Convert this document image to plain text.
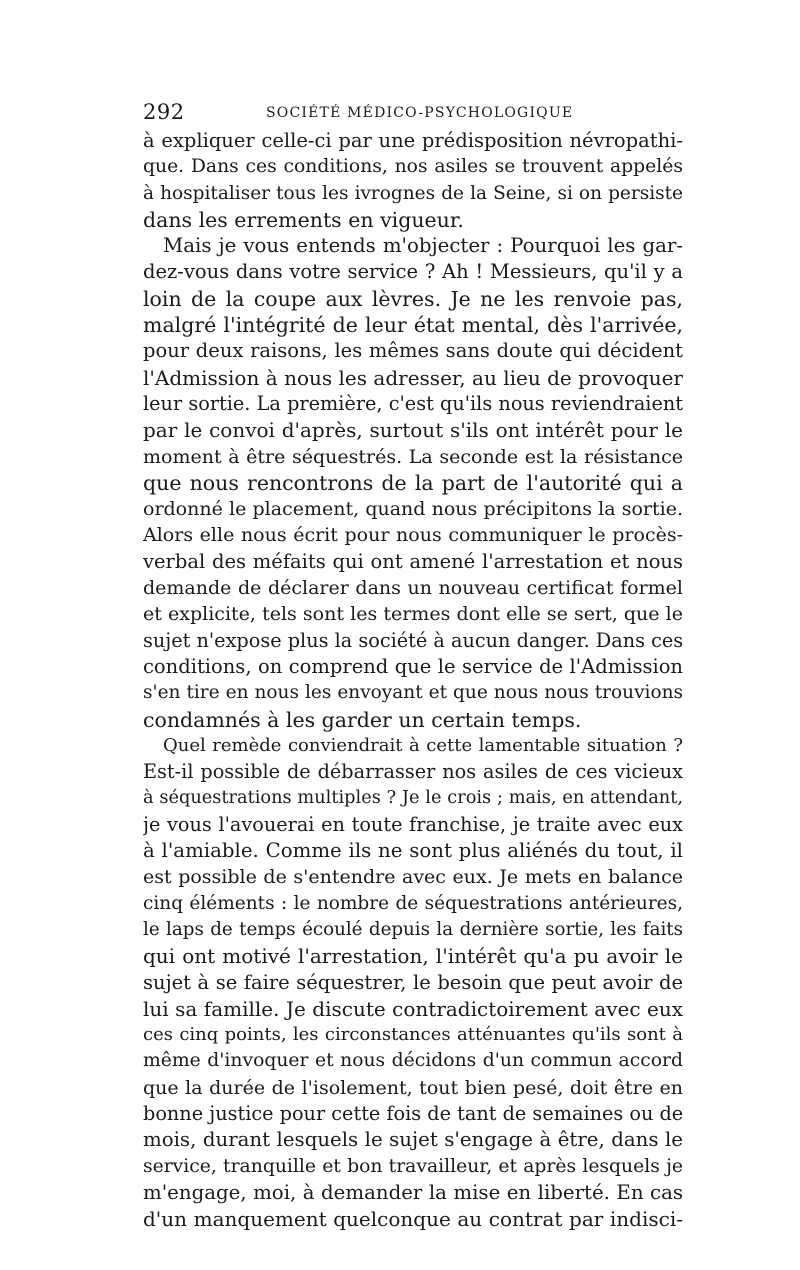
292	SOCIÉTÉ MÉDICO-PSYCHOLOGIQUE
à expliquer celle-ci par une prédisposition névropathi-
que. Dans ces conditions, nos asiles se trouvent appelés
à hospitaliser tous les ivrognes de la Seine, si on persiste
dans les errements en vigueur.
Mais je vous entends m'objecter : Pourquoi les gar-
dez-vous dans votre service ? Ah ! Messieurs, qu'il y a
loin de la coupe aux lèvres. Je ne les renvoie pas,
malgré l'intégrité de leur état mental, dès l'arrivée,
pour deux raisons, les mêmes sans doute qui décident
l'Admission à nous les adresser, au lieu de provoquer
leur sortie. La première, c'est qu'ils nous reviendraient
par le convoi d'après, surtout s'ils ont intérêt pour le
moment à être séquestrés. La seconde est la résistance
que nous rencontrons de la part de l'autorité qui a
ordonné le placement, quand nous précipitons la sortie.
Alors elle nous écrit pour nous communiquer le procès-
verbal des méfaits qui ont amené l'arrestation et nous
demande de déclarer dans un nouveau certificat formel
et explicite, tels sont les termes dont elle se sert, que le
sujet n'expose plus la société à aucun danger. Dans ces
conditions, on comprend que le service de l'Admission
s'en tire en nous les envoyant et que nous nous trouvions
condamnés à les garder un certain temps.
Quel remède conviendrait à cette lamentable situation ?
Est-il possible de débarrasser nos asiles de ces vicieux
à séquestrations multiples ? Je le crois ; mais, en attendant,
je vous l'avouerai en toute franchise, je traite avec eux
à l'amiable. Comme ils ne sont plus aliénés du tout, il
est possible de s'entendre avec eux. Je mets en balance
cinq éléments : le nombre de séquestrations antérieures,
le laps de temps écoulé depuis la dernière sortie, les faits
qui ont motivé l'arrestation, l'intérêt qu'a pu avoir le
sujet à se faire séquestrer, le besoin que peut avoir de
lui sa famille. Je discute contradictoirement avec eux
ces cinq points, les circonstances atténuantes qu'ils sont à
même d'invoquer et nous décidons d'un commun accord
que la durée de l'isolement, tout bien pesé, doit être en
bonne justice pour cette fois de tant de semaines ou de
mois, durant lesquels le sujet s'engage à être, dans le
service, tranquille et bon travailleur, et après lesquels je
m'engage, moi, à demander la mise en liberté. En cas
d'un manquement quelconque au contrat par indisci-
